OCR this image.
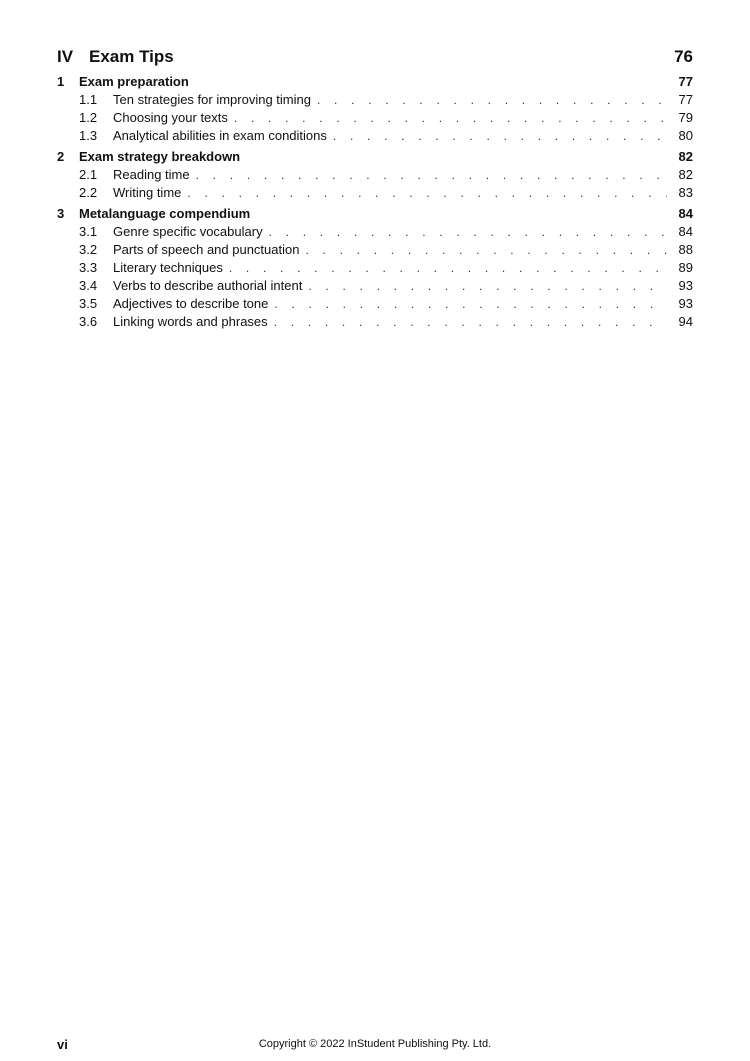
IV Exam Tips	76
1	Exam preparation	77
1.1	Ten strategies for improving timing . . .	77
1.2	Choosing your texts . . .	79
1.3	Analytical abilities in exam conditions . . .	80
2	Exam strategy breakdown	82
2.1	Reading time . . .	82
2.2	Writing time . . .	83
3	Metalanguage compendium	84
3.1	Genre specific vocabulary . . .	84
3.2	Parts of speech and punctuation . . .	88
3.3	Literary techniques . . .	89
3.4	Verbs to describe authorial intent . . .	93
3.5	Adjectives to describe tone . . .	93
3.6	Linking words and phrases . . .	94
vi	Copyright © 2022 InStudent Publishing Pty. Ltd.
